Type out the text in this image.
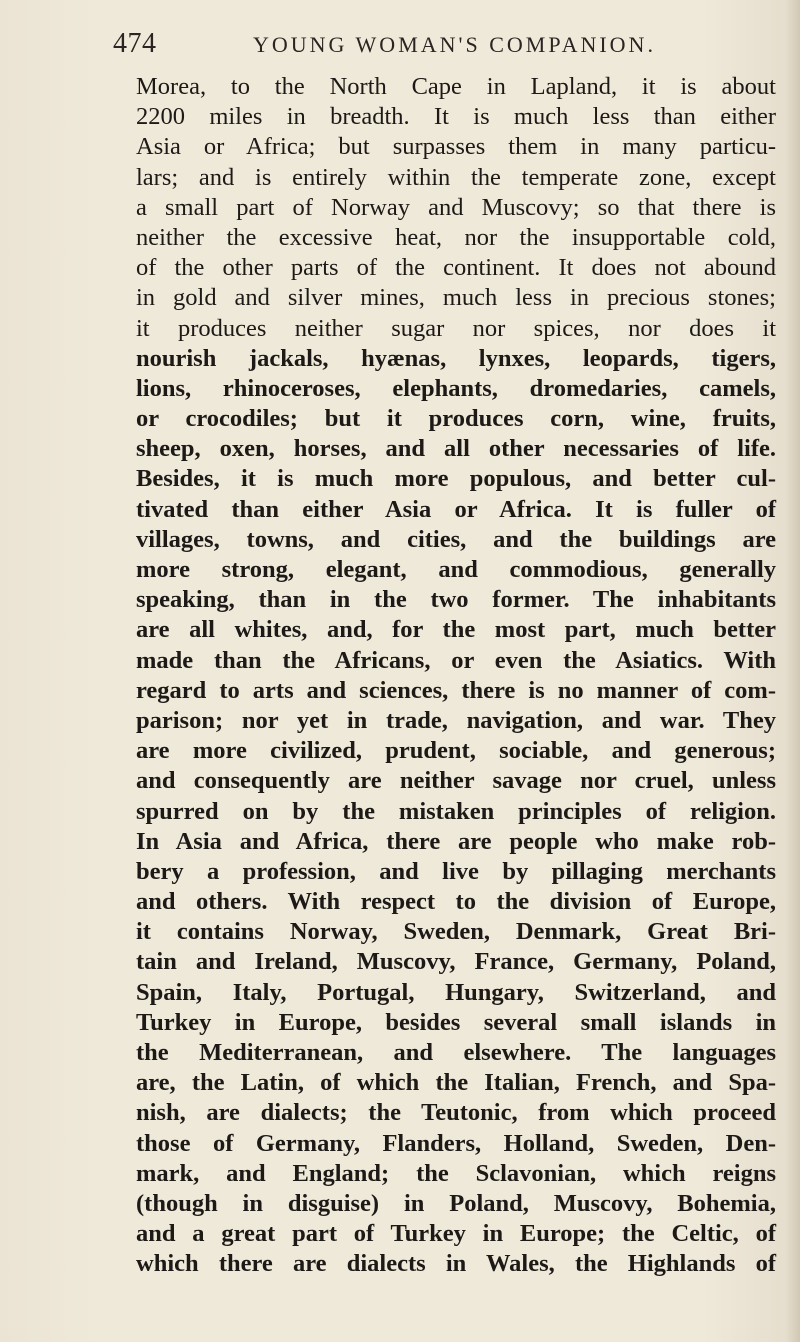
474	YOUNG WOMAN'S COMPANION.
Morea, to the North Cape in Lapland, it is about
2200 miles in breadth. It is much less than either
Asia or Africa; but surpasses them in many particu-
lars; and is entirely within the temperate zone, except
a small part of Norway and Muscovy; so that there is
neither the excessive heat, nor the insupportable cold,
of the other parts of the continent. It does not abound
in gold and silver mines, much less in precious stones;
it produces neither sugar nor spices, nor does it
nourish jackals, hyænas, lynxes, leopards, tigers,
lions, rhinoceroses, elephants, dromedaries, camels,
or crocodiles; but it produces corn, wine, fruits,
sheep, oxen, horses, and all other necessaries of life.
Besides, it is much more populous, and better cul-
tivated than either Asia or Africa. It is fuller of
villages, towns, and cities, and the buildings are
more strong, elegant, and commodious, generally
speaking, than in the two former. The inhabitants
are all whites, and, for the most part, much better
made than the Africans, or even the Asiatics. With
regard to arts and sciences, there is no manner of com-
parison; nor yet in trade, navigation, and war. They
are more civilized, prudent, sociable, and generous;
and consequently are neither savage nor cruel, unless
spurred on by the mistaken principles of religion.
In Asia and Africa, there are people who make rob-
bery a profession, and live by pillaging merchants
and others. With respect to the division of Europe,
it contains Norway, Sweden, Denmark, Great Bri-
tain and Ireland, Muscovy, France, Germany, Poland,
Spain, Italy, Portugal, Hungary, Switzerland, and
Turkey in Europe, besides several small islands in
the Mediterranean, and elsewhere. The languages
are, the Latin, of which the Italian, French, and Spa-
nish, are dialects; the Teutonic, from which proceed
those of Germany, Flanders, Holland, Sweden, Den-
mark, and England; the Sclavonian, which reigns
(though in disguise) in Poland, Muscovy, Bohemia,
and a great part of Turkey in Europe; the Celtic, of
which there are dialects in Wales, the Highlands of
